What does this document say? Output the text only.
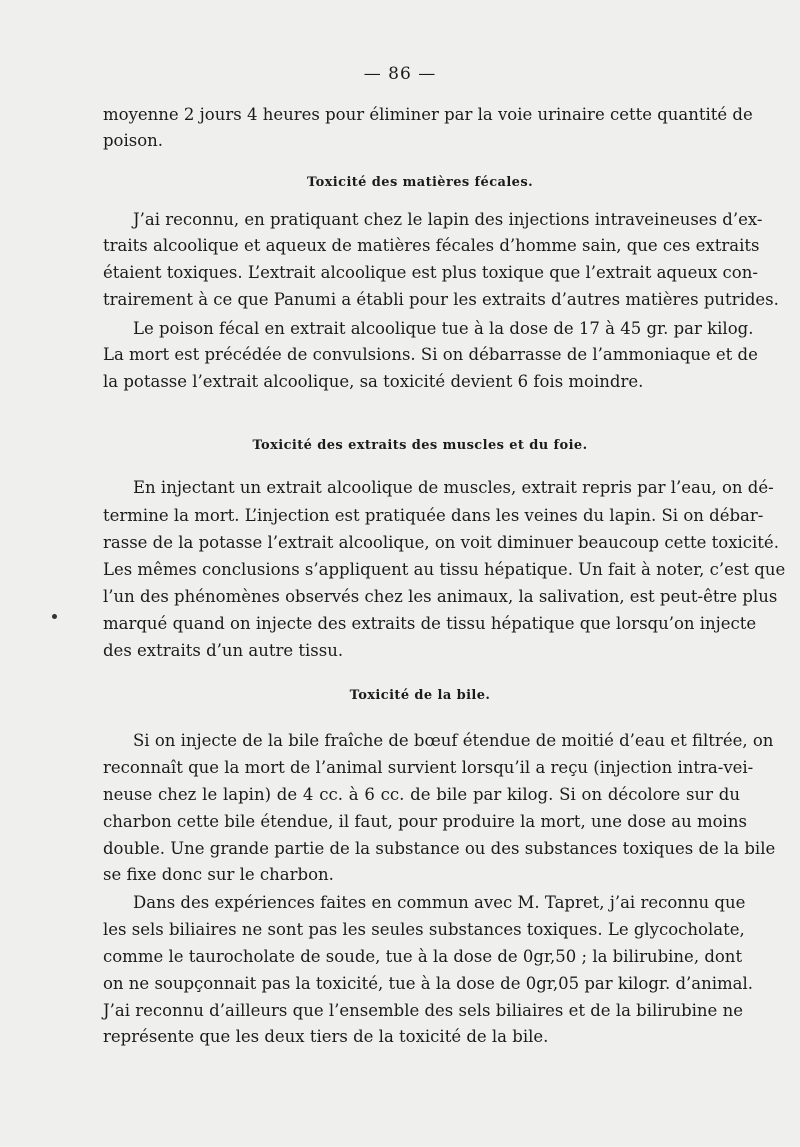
— 86 —
moyenne 2 jours 4 heures pour éliminer par la voie urinaire cette quantité de
poison.
Toxicité des matières fécales.
J’ai reconnu, en pratiquant chez le lapin des injections intraveineuses d’ex-
traits alcoolique et aqueux de matières fécales d’homme sain, que ces extraits
étaient toxiques. L’extrait alcoolique est plus toxique que l’extrait aqueux con-
trairement à ce que Panumi a établi pour les extraits d’autres matières putrides.
Le poison fécal en extrait alcoolique tue à la dose de 17 à 45 gr. par kilog.
La mort est précédée de convulsions. Si on débarrasse de l’ammoniaque et de
la potasse l’extrait alcoolique, sa toxicité devient 6 fois moindre.
Toxicité des extraits des muscles et du foie.
En injectant un extrait alcoolique de muscles, extrait repris par l’eau, on dé-
termine la mort. L’injection est pratiquée dans les veines du lapin. Si on débar-
rasse de la potasse l’extrait alcoolique, on voit diminuer beaucoup cette toxicité.
Les mêmes conclusions s’appliquent au tissu hépatique. Un fait à noter, c’est que
l’un des phénomènes observés chez les animaux, la salivation, est peut-être plus
marqué quand on injecte des extraits de tissu hépatique que lorsqu’on injecte
des extraits d’un autre tissu.
Toxicité de la bile.
Si on injecte de la bile fraîche de bœuf étendue de moitié d’eau et filtrée, on
reconnaît que la mort de l’animal survient lorsqu’il a reçu (injection intra-vei-
neuse chez le lapin) de 4 cc. à 6 cc. de bile par kilog. Si on décolore sur du
charbon cette bile étendue, il faut, pour produire la mort, une dose au moins
double. Une grande partie de la substance ou des substances toxiques de la bile
se fixe donc sur le charbon.
Dans des expériences faites en commun avec M. Tapret, j’ai reconnu que
les sels biliaires ne sont pas les seules substances toxiques. Le glycocholate,
comme le taurocholate de soude, tue à la dose de 0gr,50 ; la bilirubine, dont
on ne soupçonnait pas la toxicité, tue à la dose de 0gr,05 par kilogr. d’animal.
J’ai reconnu d’ailleurs que l’ensemble des sels biliaires et de la bilirubine ne
représente que les deux tiers de la toxicité de la bile.
